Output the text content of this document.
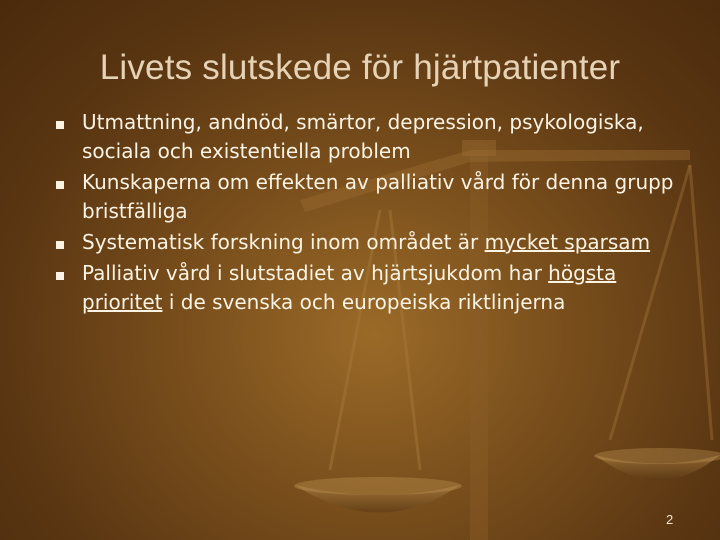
Livets slutskede för hjärtpatienter
Utmattning, andnöd, smärtor, depression, psykologiska, sociala och existentiella problem
Kunskaperna om effekten av palliativ vård för denna grupp bristfälliga
Systematisk forskning inom området är mycket sparsam
Palliativ vård i slutstadiet av hjärtsjukdom har högsta prioritet i de svenska och europeiska riktlinjerna
2
